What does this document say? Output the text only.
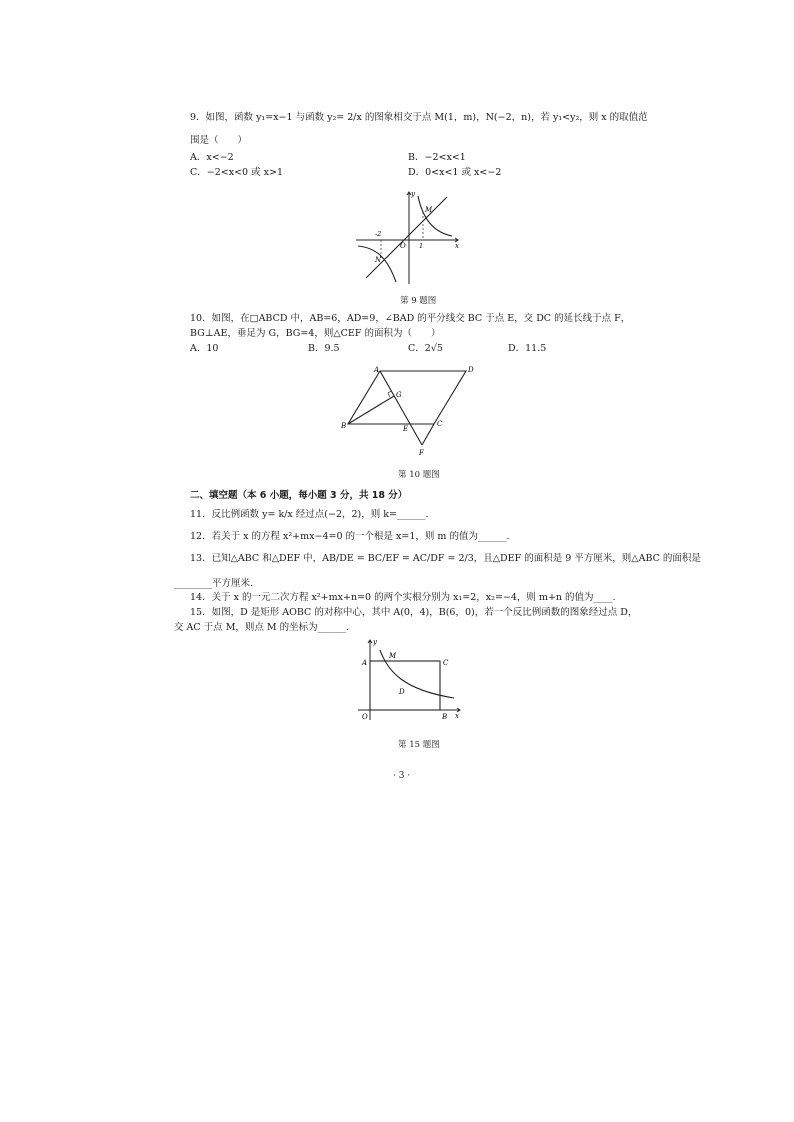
9．如图，函数 y₁=x−1 与函数 y₂= 2/x 的图象相交于点 M(1，m)，N(−2，n)，若 y₁<y₂，则 x 的取值范
围是（　　）
A．x<−2	B．−2<x<1
C．−2<x<0 或 x>1	D．0<x<1 或 x<−2
x
y
O
-2
1
M
N
第 9 题图
10．如图，在□ABCD 中，AB=6，AD=9，∠BAD 的平分线交 BC 于点 E，交 DC 的延长线于点 F，
BG⊥AE，垂足为 G，BG=4，则△CEF 的面积为（　　）
A．10	B．9.5	C．2√5	D．11.5
A	D
G
B	E
C
F
第 10 题图
二、填空题（本 6 小题，每小题 3 分，共 18 分）
11．反比例函数 y= k/x 经过点(−2，2)，则 k=______.
12．若关于 x 的方程 x²+mx−4=0 的一个根是 x=1，则 m 的值为______.
13．已知△ABC 和△DEF 中，AB/DE = BC/EF = AC/DF = 2/3，且△DEF 的面积是 9 平方厘米，则△ABC 的面积是
________平方厘米.
14．关于 x 的一元二次方程 x²+mx+n=0 的两个实根分别为 x₁=2，x₂=−4，则 m+n 的值为____.
15．如图，D 是矩形 AOBC 的对称中心，其中 A(0，4)，B(6，0)，若一个反比例函数的图象经过点 D，
交 AC 于点 M，则点 M 的坐标为______.
y
x
A
M
C
D
O	B
第 15 题图
· 3 ·
